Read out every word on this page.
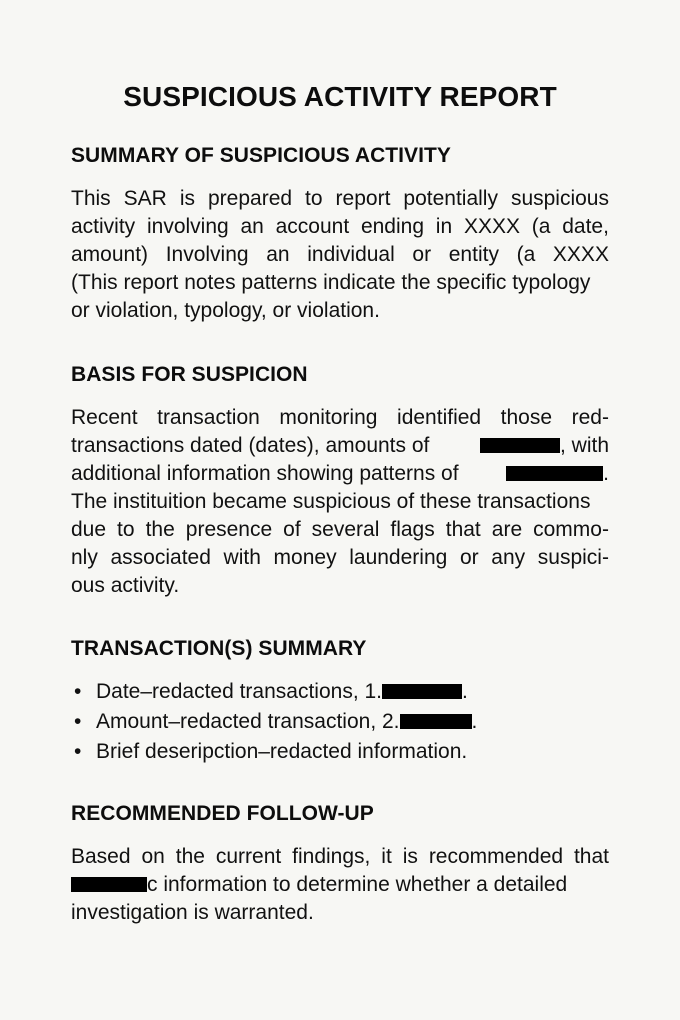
SUSPICIOUS ACTIVITY REPORT
SUMMARY OF SUSPICIOUS ACTIVITY
This SAR is prepared to report potentially suspicious
activity involving an account ending in XXXX (a date,
amount) Involving an individual or entity (a XXXX
(This report notes patterns indicate the specific typology
or violation, typology, or violation.
BASIS FOR SUSPICION
Recent transaction monitoring identified those red-
transactions dated (dates), amounts of	, with
additional information showing patterns of	.
The instituition became suspicious of these transactions
due to the presence of several flags that are commo-
nly associated with money laundering or any suspici-
ous activity.
TRANSACTION(S) SUMMARY
• Date–redacted transactions, 1.	.
• Amount–redacted transaction, 2.	.
• Brief deseripction–redacted information.
RECOMMENDED FOLLOW-UP
Based on the current findings, it is recommended that
c information to determine whether a detailed
investigation is warranted.
